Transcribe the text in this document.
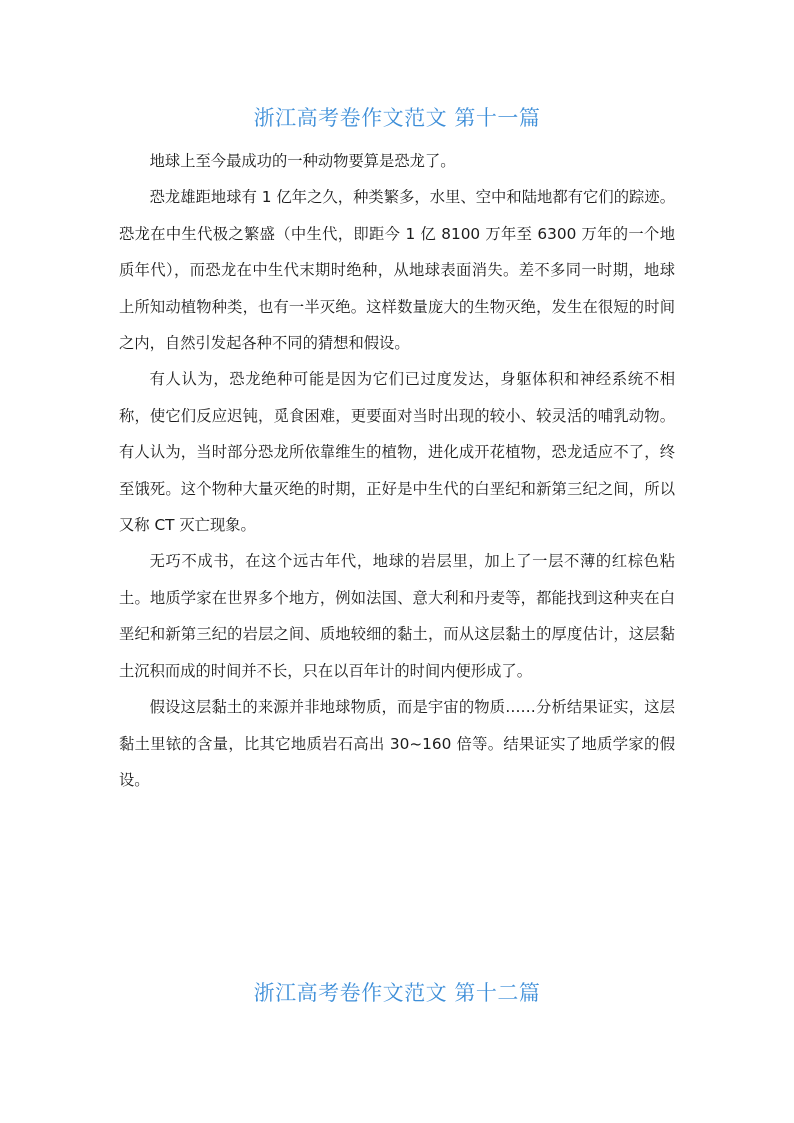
浙江高考卷作文范文 第十一篇

地球上至今最成功的一种动物要算是恐龙了。

恐龙雄距地球有 1 亿年之久，种类繁多，水里、空中和陆地都有它们的踪迹。恐龙在中生代极之繁盛（中生代，即距今 1 亿 8100 万年至 6300 万年的一个地质年代），而恐龙在中生代末期时绝种，从地球表面消失。差不多同一时期，地球上所知动植物种类，也有一半灭绝。这样数量庞大的生物灭绝，发生在很短的时间之内，自然引发起各种不同的猜想和假设。

有人认为，恐龙绝种可能是因为它们已过度发达，身躯体积和神经系统不相称，使它们反应迟钝，觅食困难，更要面对当时出现的较小、较灵活的哺乳动物。有人认为，当时部分恐龙所依靠维生的植物，进化成开花植物，恐龙适应不了，终至饿死。这个物种大量灭绝的时期，正好是中生代的白垩纪和新第三纪之间，所以又称 CT 灭亡现象。

无巧不成书，在这个远古年代，地球的岩层里，加上了一层不薄的红棕色粘土。地质学家在世界多个地方，例如法国、意大利和丹麦等，都能找到这种夹在白垩纪和新第三纪的岩层之间、质地较细的黏土，而从这层黏土的厚度估计，这层黏土沉积而成的时间并不长，只在以百年计的时间内便形成了。

假设这层黏土的来源并非地球物质，而是宇宙的物质……分析结果证实，这层黏土里铱的含量，比其它地质岩石高出 30~160 倍等。结果证实了地质学家的假设。

浙江高考卷作文范文 第十二篇
